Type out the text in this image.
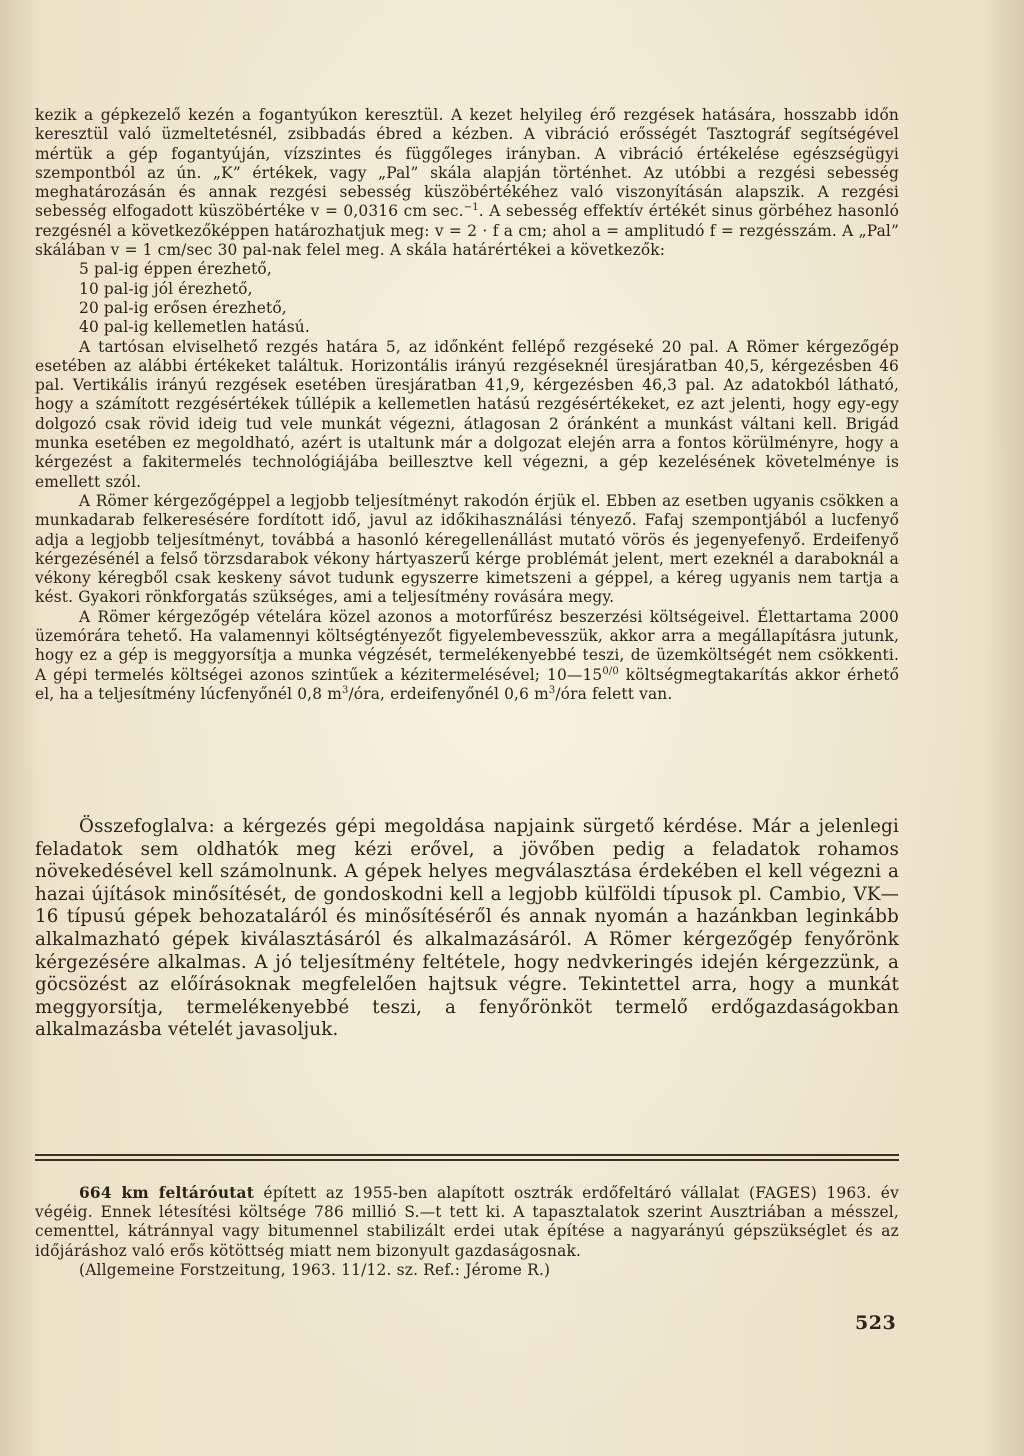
kezik a gépkezelő kezén a fogantyúkon keresztül. A kezet helyileg érő rezgések hatására, hosszabb időn keresztül való üzmeltetésnél, zsibbadás ébred a kézben. A vibráció erősségét Tasztográf segítségével mértük a gép fogantyúján, vízszintes és függőleges irányban. A vibráció értékelése egészségügyi szempontból az ún. „K” értékek, vagy „Pal” skála alapján történhet. Az utóbbi a rezgési sebesség meghatározásán és annak rezgési sebesség küszöbértékéhez való viszonyításán alapszik. A rezgési sebesség elfogadott küszöbértéke v = 0,0316 cm sec.$^{-1}$. A sebesség effektív értékét sinus görbéhez hasonló rezgésnél a következőképpen határozhatjuk meg: v = 2 · f a cm; ahol a = amplitudó f = rezgésszám. A „Pal” skálában v = 1 cm/sec 30 pal-nak felel meg. A skála határértékei a következők:

5 pal-ig éppen érezhető,
10 pal-ig jól érezhető,
20 pal-ig erősen érezhető,
40 pal-ig kellemetlen hatású.

A tartósan elviselhető rezgés határa 5, az időnként fellépő rezgéseké 20 pal. A Römer kérgezőgép esetében az alábbi értékeket találtuk. Horizontális irányú rezgéseknél üresjáratban 40,5, kérgezésben 46 pal. Vertikális irányú rezgések esetében üresjáratban 41,9, kérgezésben 46,3 pal. Az adatokból látható, hogy a számított rezgésértékek túllépik a kellemetlen hatású rezgésértékeket, ez azt jelenti, hogy egy-egy dolgozó csak rövid ideig tud vele munkát végezni, átlagosan 2 óránként a munkást váltani kell. Brigád munka esetében ez megoldható, azért is utaltunk már a dolgozat elején arra a fontos körülményre, hogy a kérgezést a fakitermelés technológiájába beillesztve kell végezni, a gép kezelésének követelménye is emellett szól.

A Römer kérgezőgéppel a legjobb teljesítményt rakodón érjük el. Ebben az esetben ugyanis csökken a munkadarab felkeresésére fordított idő, javul az időkihasználási tényező. Fafaj szempontjából a lucfenyő adja a legjobb teljesítményt, továbbá a hasonló kéregellenállást mutató vörös és jegenyefenyő. Erdeifenyő kérgezésénél a felső törzsdarabok vékony hártyaszerű kérge problémát jelent, mert ezeknél a daraboknál a vékony kéregből csak keskeny sávot tudunk egyszerre kimetszeni a géppel, a kéreg ugyanis nem tartja a kést. Gyakori rönkforgatás szükséges, ami a teljesítmény rovására megy.

A Römer kérgezőgép vételára közel azonos a motorfűrész beszerzési költségeivel. Élettartama 2000 üzemórára tehető. Ha valamennyi költségtényezőt figyelembevesszük, akkor arra a megállapításra jutunk, hogy ez a gép is meggyorsítja a munka végzését, termelékenyebbé teszi, de üzemköltségét nem csökkenti. A gépi termelés költségei azonos szintűek a kézitermelésével; $10—15^{0/0}$ költségmegtakarítás akkor érhető el, ha a teljesítmény lúcfenyőnél 0,8 $m^3$/óra, erdeifenyőnél 0,6 $m^3$/óra felett van.

Összefoglalva: a kérgezés gépi megoldása napjaink sürgető kérdése. Már a jelenlegi feladatok sem oldhatók meg kézi erővel, a jövőben pedig a feladatok rohamos növekedésével kell számolnunk. A gépek helyes megválasztása érdekében el kell végezni a hazai újítások minősítését, de gondoskodni kell a legjobb külföldi típusok pl. Cambio, VK—16 típusú gépek behozataláról és minősítéséről és annak nyomán a hazánkban leginkább alkalmazható gépek kiválasztásáról és alkalmazásáról. A Römer kérgezőgép fenyőrönk kérgezésére alkalmas. A jó teljesítmény feltétele, hogy nedvkeringés idején kérgezzünk, a göcsözést az előírásoknak megfelelően hajtsuk végre. Tekintettel arra, hogy a munkát meggyorsítja, termelékenyebbé teszi, a fenyőrönköt termelő erdőgazdaságokban alkalmazásba vételét javasoljuk.

664 km feltáróutat épített az 1955-ben alapított osztrák erdőfeltáró vállalat (FAGES) 1963. év végéig. Ennek létesítési költsége 786 millió S.—t tett ki. A tapasztalatok szerint Ausztriában a mésszel, cementtel, kátránnyal vagy bitumennel stabilizált erdei utak építése a nagyarányú gépszükséglet és az időjáráshoz való erős kötöttség miatt nem bizonyult gazdaságosnak.

(Allgemeine Forstzeitung, 1963. 11/12. sz. Ref.: Jérome R.)

523
